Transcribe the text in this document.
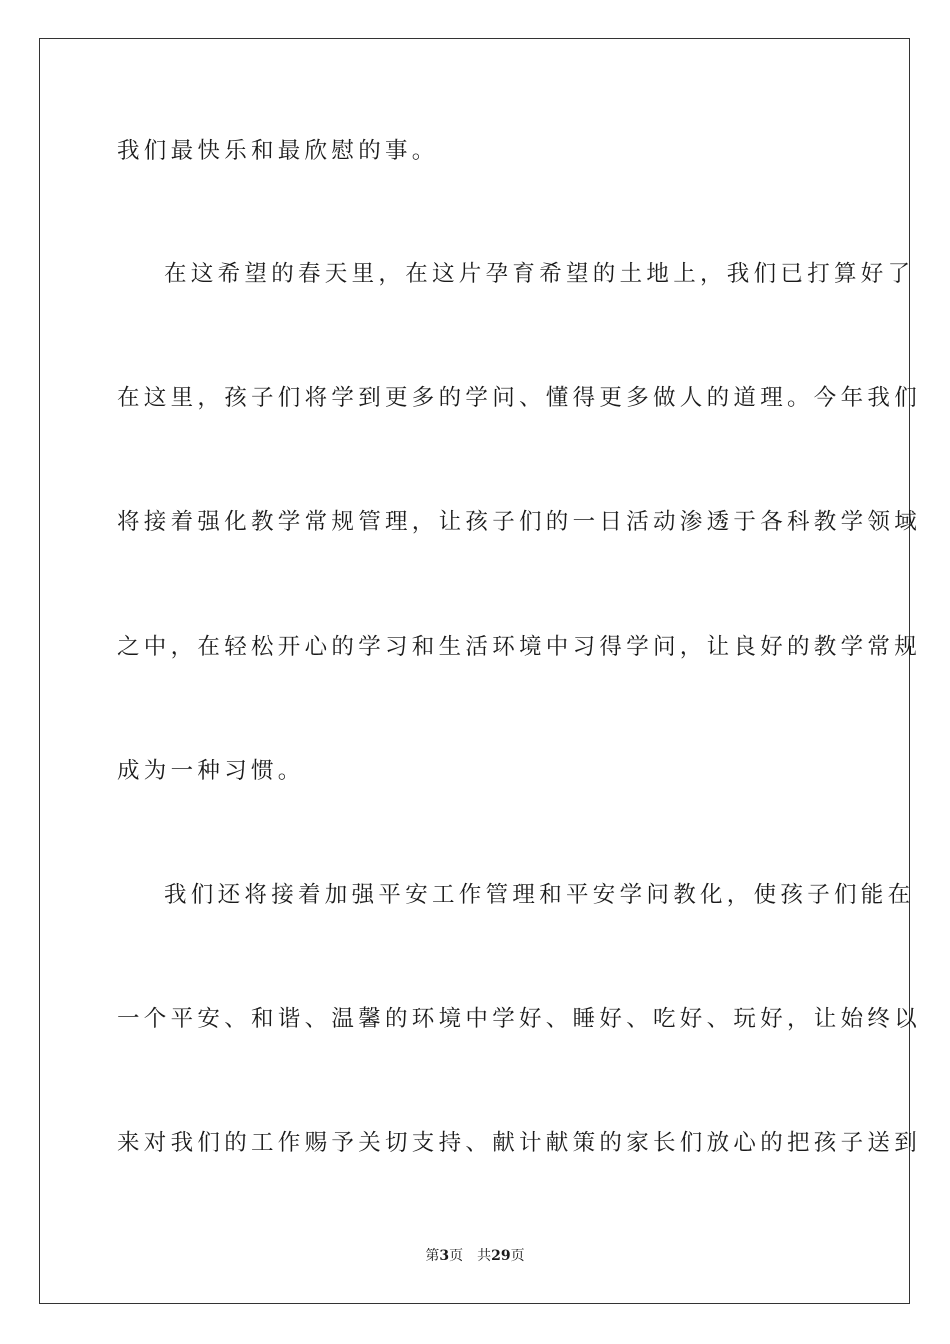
我们最快乐和最欣慰的事。
在这希望的春天里，在这片孕育希望的土地上，我们已打算好了
在这里，孩子们将学到更多的学问、懂得更多做人的道理。今年我们
将接着强化教学常规管理，让孩子们的一日活动渗透于各科教学领域
之中，在轻松开心的学习和生活环境中习得学问，让良好的教学常规
成为一种习惯。
我们还将接着加强平安工作管理和平安学问教化，使孩子们能在
一个平安、和谐、温馨的环境中学好、睡好、吃好、玩好，让始终以
来对我们的工作赐予关切支持、献计献策的家长们放心的把孩子送到
第3页 共29页
